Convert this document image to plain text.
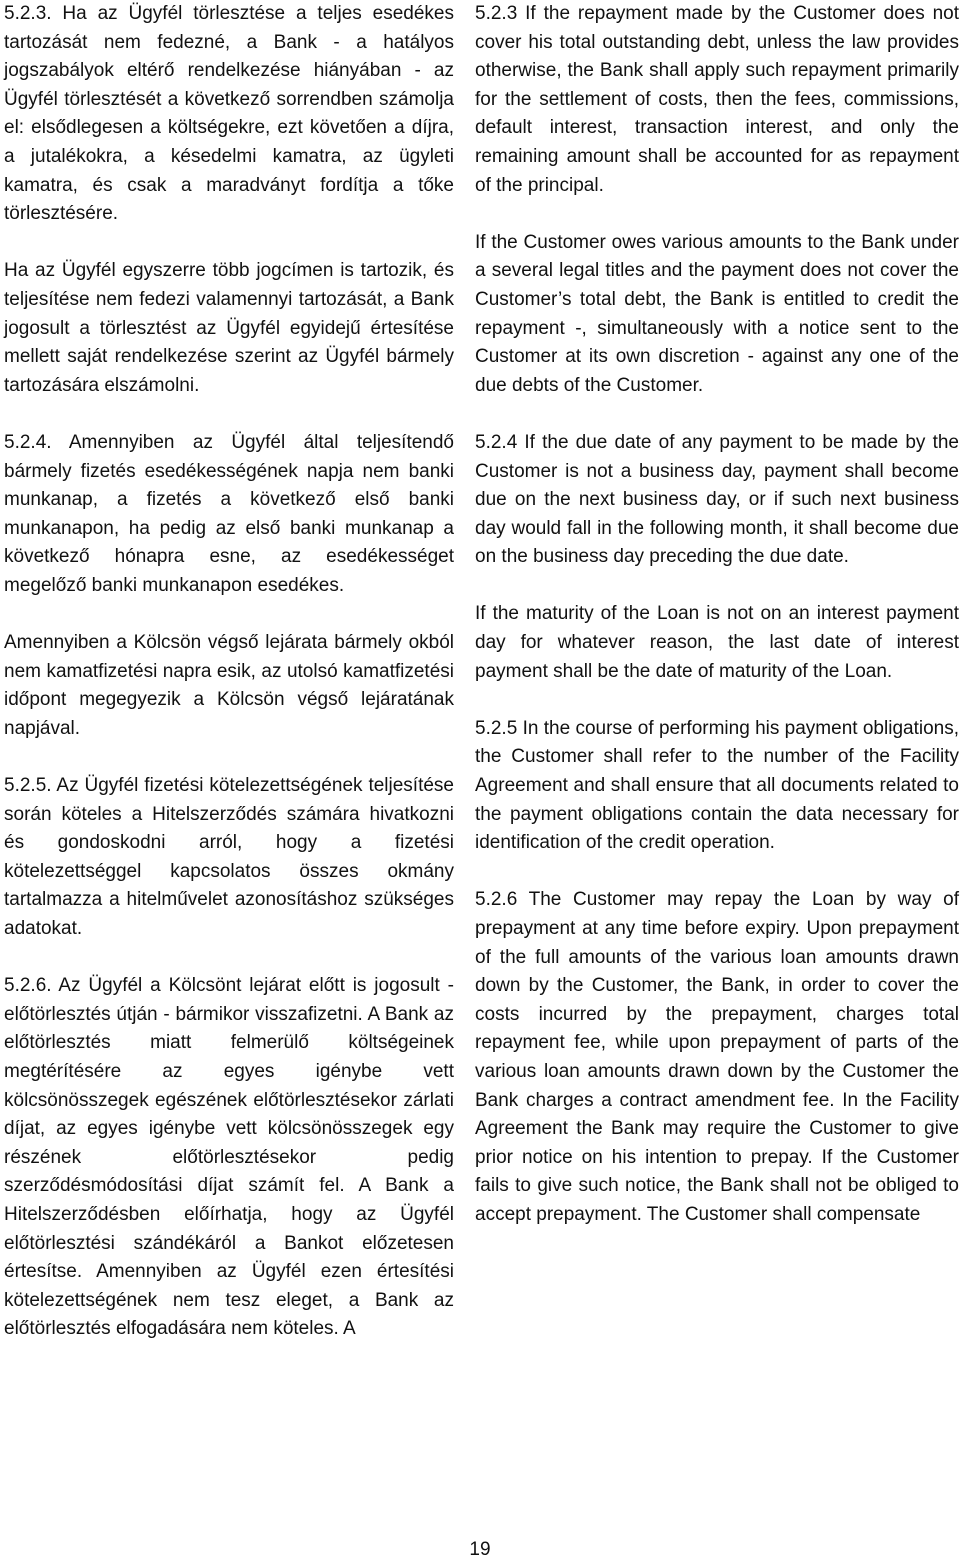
5.2.3. Ha az Ügyfél törlesztése a teljes esedékes tartozását nem fedezné, a Bank - a hatályos jogszabályok eltérő rendelkezése hiányában - az Ügyfél törlesztését a következő sorrendben számolja el: elsődlegesen a költségekre, ezt követően a díjra, a jutalékokra, a késedelmi kamatra, az ügyleti kamatra, és csak a maradványt fordítja a tőke törlesztésére.

Ha az Ügyfél egyszerre több jogcímen is tartozik, és teljesítése nem fedezi valamennyi tartozását, a Bank jogosult a törlesztést az Ügyfél egyidejű értesítése mellett saját rendelkezése szerint az Ügyfél bármely tartozására elszámolni.

5.2.4. Amennyiben az Ügyfél által teljesítendő bármely fizetés esedékességének napja nem banki munkanap, a fizetés a következő első banki munkanapon, ha pedig az első banki munkanap a következő hónapra esne, az esedékességet megelőző banki munkanapon esedékes.

Amennyiben a Kölcsön végső lejárata bármely okból nem kamatfizetési napra esik, az utolsó kamatfizetési időpont megegyezik a Kölcsön végső lejáratának napjával.

5.2.5. Az Ügyfél fizetési kötelezettségének teljesítése során köteles a Hitelszerződés számára hivatkozni és gondoskodni arról, hogy a fizetési kötelezettséggel kapcsolatos összes okmány tartalmazza a hitelművelet azonosításhoz szükséges adatokat.

5.2.6. Az Ügyfél a Kölcsönt lejárat előtt is jogosult - előtörlesztés útján - bármikor visszafizetni. A Bank az előtörlesztés miatt felmerülő költségeinek megtérítésére az egyes igénybe vett kölcsönösszegek egészének előtörlesztésekor zárlati díjat, az egyes igénybe vett kölcsönösszegek egy részének előtörlesztésekor pedig szerződésmódosítási díjat számít fel. A Bank a Hitelszerződésben előírhatja, hogy az Ügyfél előtörlesztési szándékáról a Bankot előzetesen értesítse. Amennyiben az Ügyfél ezen értesítési kötelezettségének nem tesz eleget, a Bank az előtörlesztés elfogadására nem köteles. A

5.2.3 If the repayment made by the Customer does not cover his total outstanding debt, unless the law provides otherwise, the Bank shall apply such repayment primarily for the settlement of costs, then the fees, commissions, default interest, transaction interest, and only the remaining amount shall be accounted for as repayment of the principal.

If the Customer owes various amounts to the Bank under a several legal titles and the payment does not cover the Customer’s total debt, the Bank is entitled to credit the repayment -, simultaneously with a notice sent to the Customer at its own discretion - against any one of the due debts of the Customer.

5.2.4 If the due date of any payment to be made by the Customer is not a business day, payment shall become due on the next business day, or if such next business day would fall in the following month, it shall become due on the business day preceding the due date.

If the maturity of the Loan is not on an interest payment day for whatever reason, the last date of interest payment shall be the date of maturity of the Loan.

5.2.5 In the course of performing his payment obligations, the Customer shall refer to the number of the Facility Agreement and shall ensure that all documents related to the payment obligations contain the data necessary for identification of the credit operation.

5.2.6 The Customer may repay the Loan by way of prepayment at any time before expiry. Upon prepayment of the full amounts of the various loan amounts drawn down by the Customer, the Bank, in order to cover the costs incurred by the prepayment, charges total repayment fee, while upon prepayment of parts of the various loan amounts drawn down by the Customer the Bank charges a contract amendment fee. In the Facility Agreement the Bank may require the Customer to give prior notice on his intention to prepay. If the Customer fails to give such notice, the Bank shall not be obliged to accept prepayment. The Customer shall compensate

19
